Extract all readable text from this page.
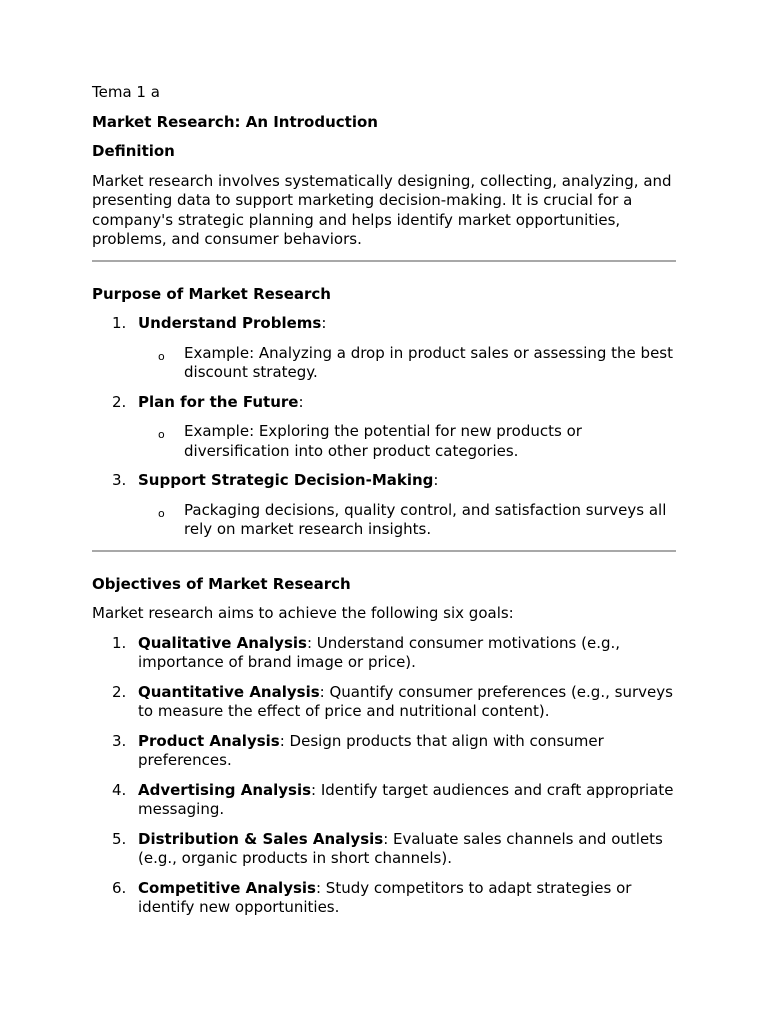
Tema 1 a

Market Research: An Introduction

Definition

Market research involves systematically designing, collecting, analyzing, and presenting data to support marketing decision-making. It is crucial for a company's strategic planning and helps identify market opportunities, problems, and consumer behaviors.

Purpose of Market Research

1. Understand Problems:
o Example: Analyzing a drop in product sales or assessing the best discount strategy.
2. Plan for the Future:
o Example: Exploring the potential for new products or diversification into other product categories.
3. Support Strategic Decision-Making:
o Packaging decisions, quality control, and satisfaction surveys all rely on market research insights.

Objectives of Market Research

Market research aims to achieve the following six goals:

1. Qualitative Analysis: Understand consumer motivations (e.g., importance of brand image or price).
2. Quantitative Analysis: Quantify consumer preferences (e.g., surveys to measure the effect of price and nutritional content).
3. Product Analysis: Design products that align with consumer preferences.
4. Advertising Analysis: Identify target audiences and craft appropriate messaging.
5. Distribution & Sales Analysis: Evaluate sales channels and outlets (e.g., organic products in short channels).
6. Competitive Analysis: Study competitors to adapt strategies or identify new opportunities.
